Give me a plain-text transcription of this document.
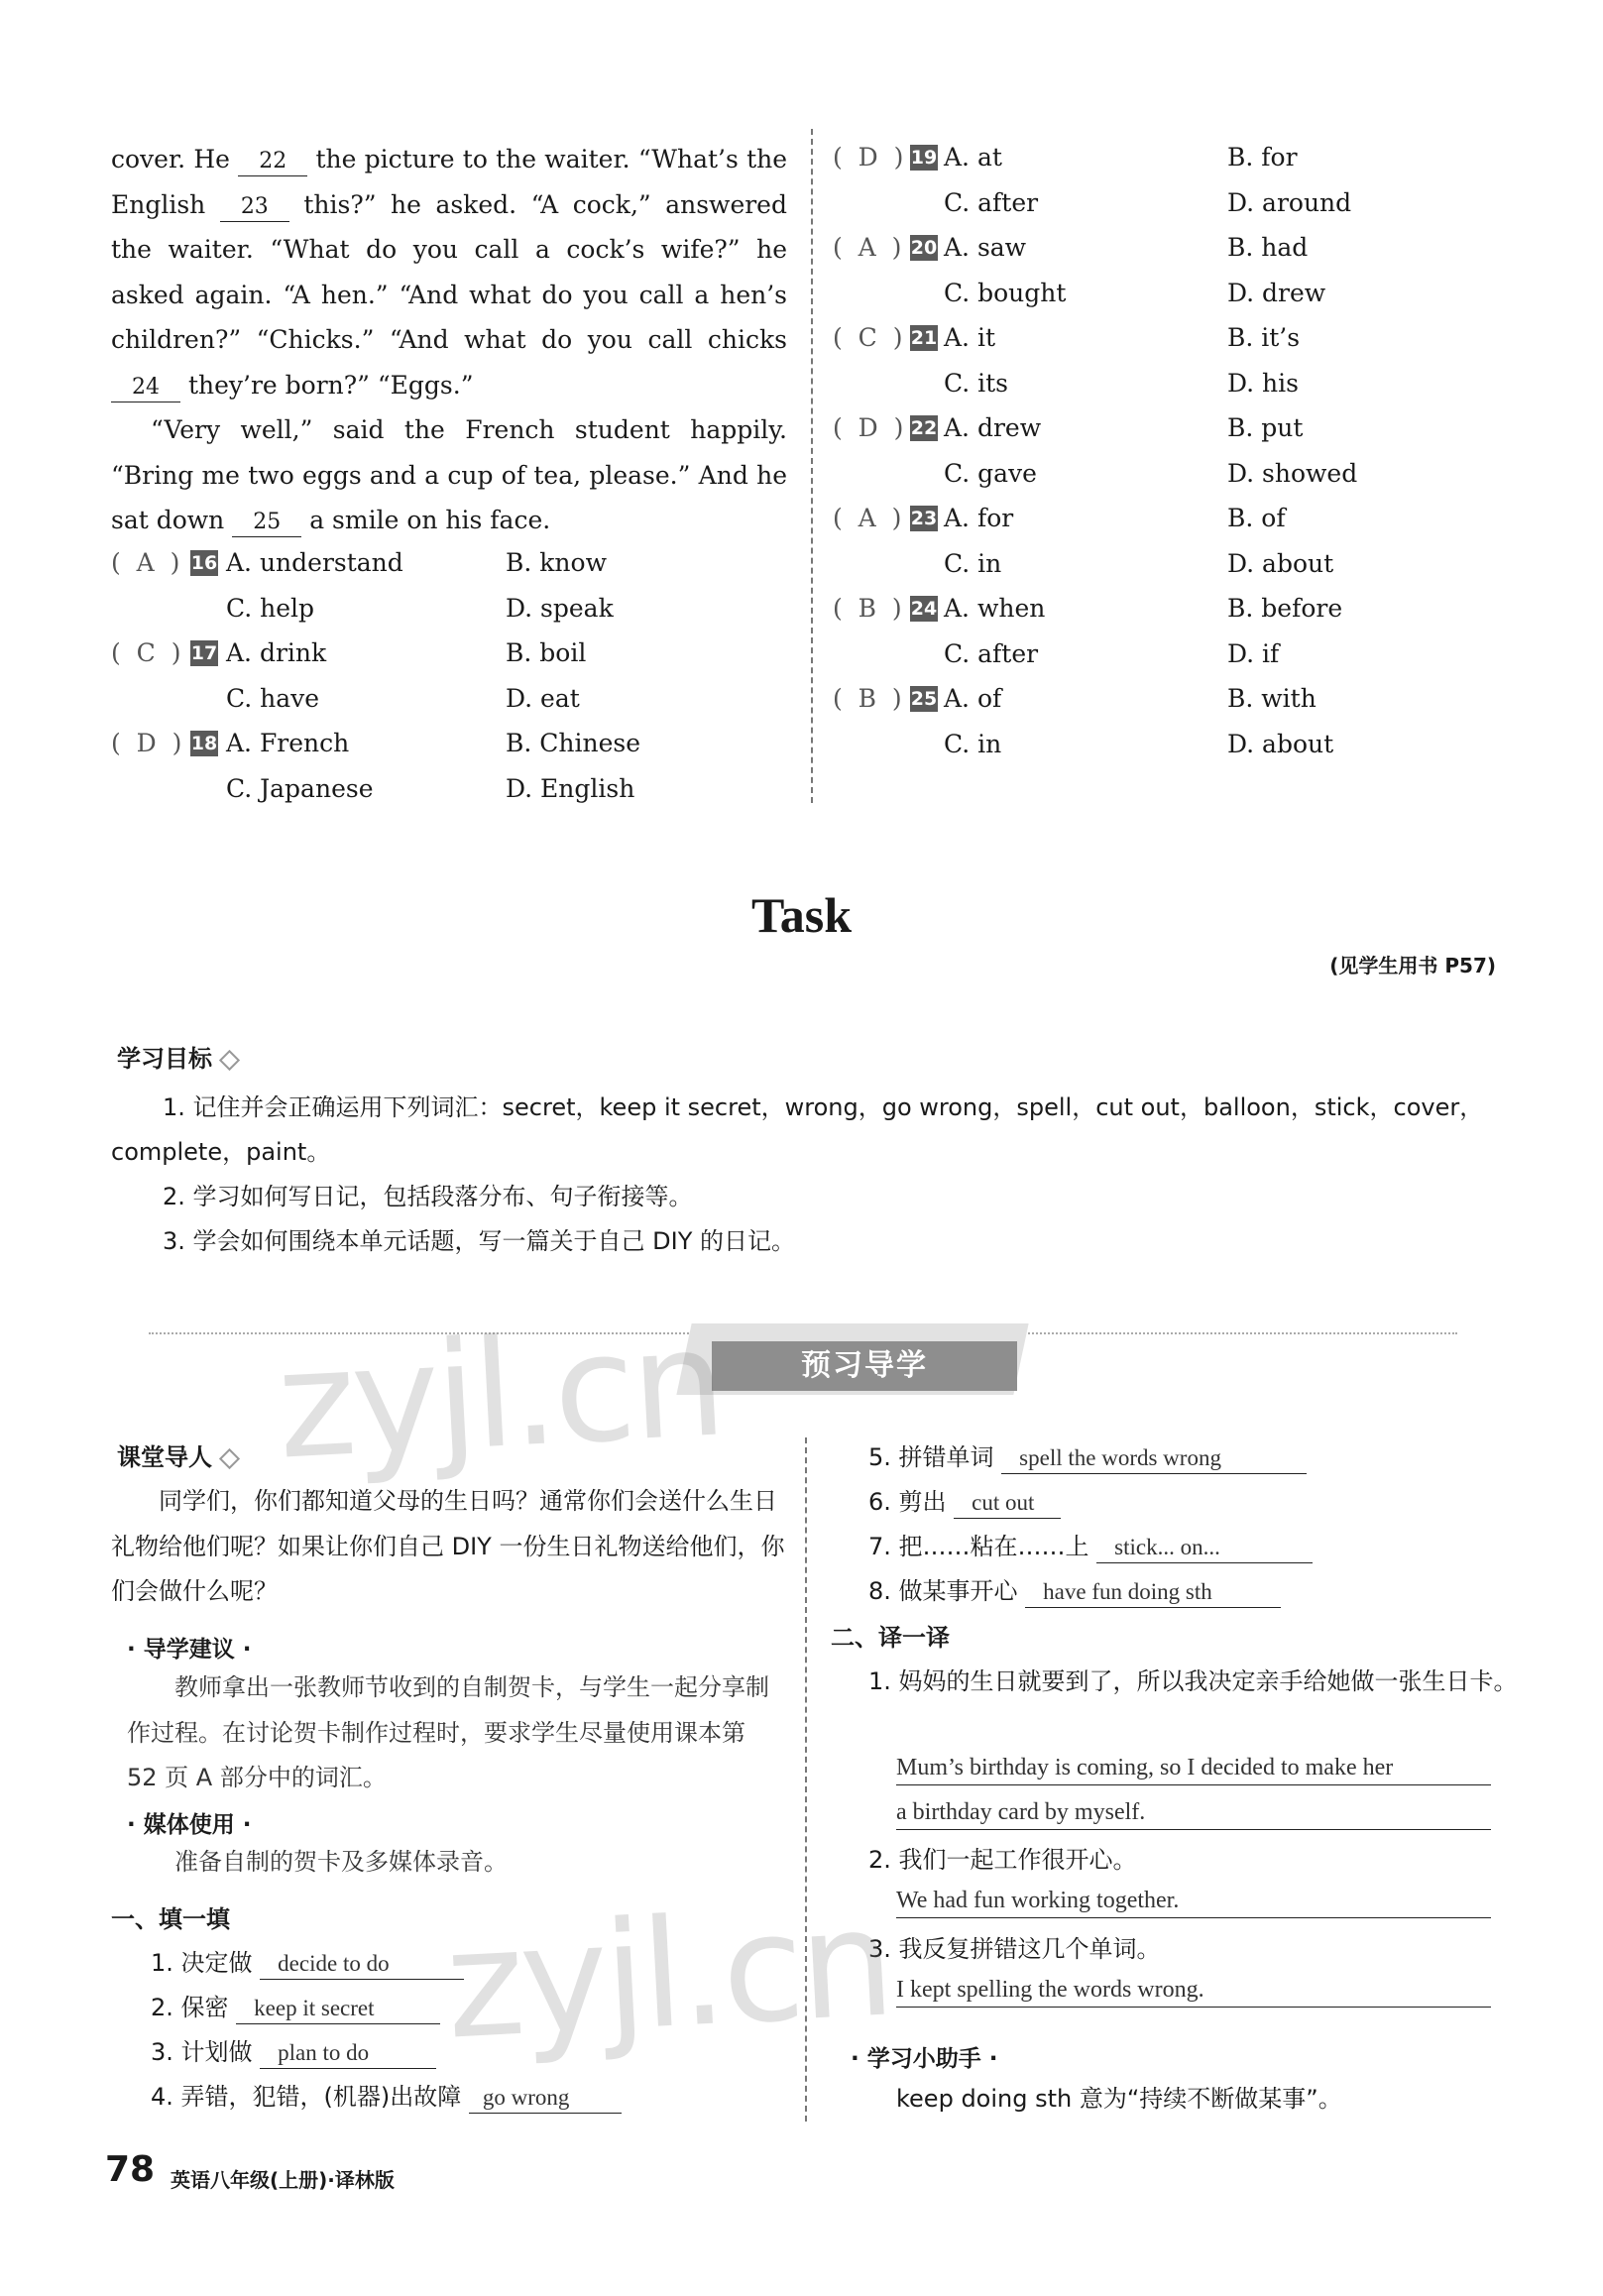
cover. He 22 the picture to the waiter. “What’s the English 23 this?” he asked. “A cock,” answered the waiter. “What do you call a cock’s wife?” he asked again. “A hen.” “And what do you call a hen’s children?” “Chicks.” “And what do you call chicks 24 they’re born?” “Eggs.”

“Very well,” said the French student happily. “Bring me two eggs and a cup of tea, please.” And he sat down 25 a smile on his face.

(  A  ) 16 A. understand	B. know
C. help	D. speak
(  C  ) 17 A. drink	B. boil
C. have	D. eat
(  D  ) 18 A. French	B. Chinese
C. Japanese	D. English
(  D  ) 19 A. at	B. for
C. after	D. around
(  A  ) 20 A. saw	B. had
C. bought	D. drew
(  C  ) 21 A. it	B. it’s
C. its	D. his
(  D  ) 22 A. drew	B. put
C. gave	D. showed
(  A  ) 23 A. for	B. of
C. in	D. about
(  B  ) 24 A. when	B. before
C. after	D. if
(  B  ) 25 A. of	B. with
C. in	D. about
Task
(见学生用书 P57)
学习目标

1. 记住并会正确运用下列词汇：secret，keep it secret，wrong，go wrong，spell，cut out，balloon，stick，cover，complete，paint。

2. 学习如何写日记，包括段落分布、句子衔接等。

3. 学会如何围绕本单元话题，写一篇关于自己 DIY 的日记。

预习导学
课堂导人
同学们，你们都知道父母的生日吗？通常你们会送什么生日礼物给他们呢？如果让你们自己 DIY 一份生日礼物送给他们，你们会做什么呢？
· 导学建议 ·
教师拿出一张教师节收到的自制贺卡，与学生一起分享制作过程。在讨论贺卡制作过程时，要求学生尽量使用课本第 52 页 A 部分中的词汇。
· 媒体使用 ·
准备自制的贺卡及多媒体录音。
一、填一填
1. 决定做 decide to do
2. 保密 keep it secret
3. 计划做 plan to do
4. 弄错，犯错，(机器)出故障 go wrong
5. 拼错单词 spell the words wrong
6. 剪出 cut out
7. 把……粘在……上 stick... on...
8. 做某事开心 have fun doing sth
二、译一译
1. 妈妈的生日就要到了，所以我决定亲手给她做一张生日卡。
Mum’s birthday is coming, so I decided to make her
a birthday card by myself.
2. 我们一起工作很开心。
We had fun working together.
3. 我反复拼错这几个单词。
I kept spelling the words wrong.
· 学习小助手 ·
keep doing sth 意为“持续不断做某事”。
zyjl.cn
zyjl.cn
78 英语八年级(上册)·译林版
